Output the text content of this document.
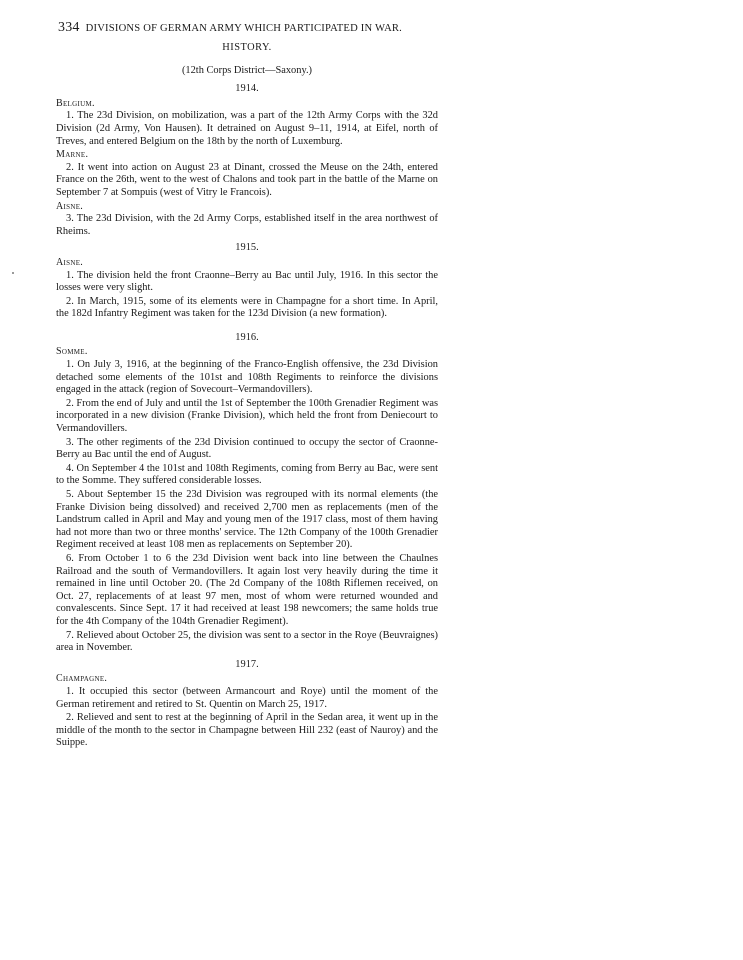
334 DIVISIONS OF GERMAN ARMY WHICH PARTICIPATED IN WAR.
HISTORY.
(12th Corps District—Saxony.)
1914.
Belgium.

1. The 23d Division, on mobilization, was a part of the 12th Army Corps with the 32d Division (2d Army, Von Hausen). It detrained on August 9–11, 1914, at Eifel, north of Treves, and entered Belgium on the 18th by the north of Luxemburg.

Marne.

2. It went into action on August 23 at Dinant, crossed the Meuse on the 24th, entered France on the 26th, went to the west of Chalons and took part in the battle of the Marne on September 7 at Sompuis (west of Vitry le Francois).

Aisne.

3. The 23d Division, with the 2d Army Corps, established itself in the area northwest of Rheims.

1915.
Aisne.

1. The division held the front Craonne–Berry au Bac until July, 1916. In this sector the losses were very slight.

2. In March, 1915, some of its elements were in Champagne for a short time. In April, the 182d Infantry Regiment was taken for the 123d Division (a new formation).

1916.
Somme.

1. On July 3, 1916, at the beginning of the Franco-English offensive, the 23d Division detached some elements of the 101st and 108th Regiments to reinforce the divisions engaged in the attack (region of Sovecourt–Vermandovillers).

2. From the end of July and until the 1st of September the 100th Grenadier Regiment was incorporated in a new division (Franke Division), which held the front from Deniecourt to Vermandovillers.

3. The other regiments of the 23d Division continued to occupy the sector of Craonne-Berry au Bac until the end of August.

4. On September 4 the 101st and 108th Regiments, coming from Berry au Bac, were sent to the Somme. They suffered considerable losses.

5. About September 15 the 23d Division was regrouped with its normal elements (the Franke Division being dissolved) and received 2,700 men as replacements (men of the Landstrum called in April and May and young men of the 1917 class, most of them having had not more than two or three months' service. The 12th Company of the 100th Grenadier Regiment received at least 108 men as replacements on September 20).

6. From October 1 to 6 the 23d Division went back into line between the Chaulnes Railroad and the south of Vermandovillers. It again lost very heavily during the time it remained in line until October 20. (The 2d Company of the 108th Riflemen received, on Oct. 27, replacements of at least 97 men, most of whom were returned wounded and convalescents. Since Sept. 17 it had received at least 198 newcomers; the same holds true for the 4th Company of the 104th Grenadier Regiment).

7. Relieved about October 25, the division was sent to a sector in the Roye (Beuvraignes) area in November.

1917.
Champagne.

1. It occupied this sector (between Armancourt and Roye) until the moment of the German retirement and retired to St. Quentin on March 25, 1917.

2. Relieved and sent to rest at the beginning of April in the Sedan area, it went up in the middle of the month to the sector in Champagne between Hill 232 (east of Nauroy) and the Suippe.
